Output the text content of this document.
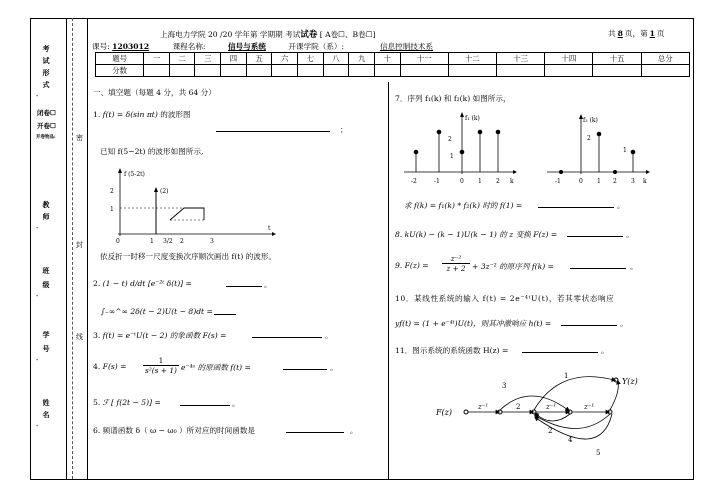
考
试
形
式
-
闭卷☐
开卷☐
开卷物品:
教
师
-
班
级
-
学
号
-
姓
名
-
密
封
线
上海电力学院 20 /20 学年第 学期期 考试试卷 [ A卷☐、B卷☐]	共 8 页，第 1 页
课号: 1203012	课程名称:	信号与系统	开课学院（系）:	信息控制技术系
题号	一	二	三	四	五	六	七	八	九	十	十一	十二	十三	十四	十五	总分
分数																
一、填空题（每题 4 分，共 64 分）
1. f(t) = δ(sin πt) 的波形图
；
已知 f(5−2t) 的波形如图所示,
f (5-2t)
(2)
2
1
0	1 3/2 2	3
t
依反折一时移一尺度变换次序顺次画出 f(t) 的波形。
2. (1 − t) d/dt [e⁻²ᵗ δ(t)] =	。
∫₋∞^∞ 2δ(t − 2)U(t − 8)dt =
3. f(t) = e⁻ᵗU(t − 2) 的象函数 F(s) =	。
4. $F(s) = \frac{1}{\text{s²(s + 1)}}$ e⁻⁴ˢ 的原函数 f(t) =	。
5. ℱ [ f(2t − 5)] =	。
6. 频谱函数 δ（ ω − ω₀ ）所对应的时间函数是	。
7．序列 f₁(k) 和 f₂(k) 如图所示，
f₁ (k)
2
1
-2	-1	0 1 2 k
f₂ (k)
2
1
-1	0 1 2 3 k
求 f(k) = f₁(k) * f₂(k) 时的 f(1) =	。
8. kU(k) − (k − 1)U(k − 1) 的 z 变换 F(z) =	。
9. $F(z) = \frac{\text{z⁻²}}{z + 2} + 3z^{-2}$ 的原序列 f(k) =	。
10．某线性系统的输入 f(t) = 2e⁻⁴ᵗU(t)，若其零状态响应
yf(t) = (1 + e⁻⁴ᵗ)U(t)，则其冲激响应 h(t) =	。
11．图示系统的系统函数 H(z) =	。
F(z)
z⁻¹	2	z⁻¹	z⁻¹
3
1
Y(z)
2
4
5
